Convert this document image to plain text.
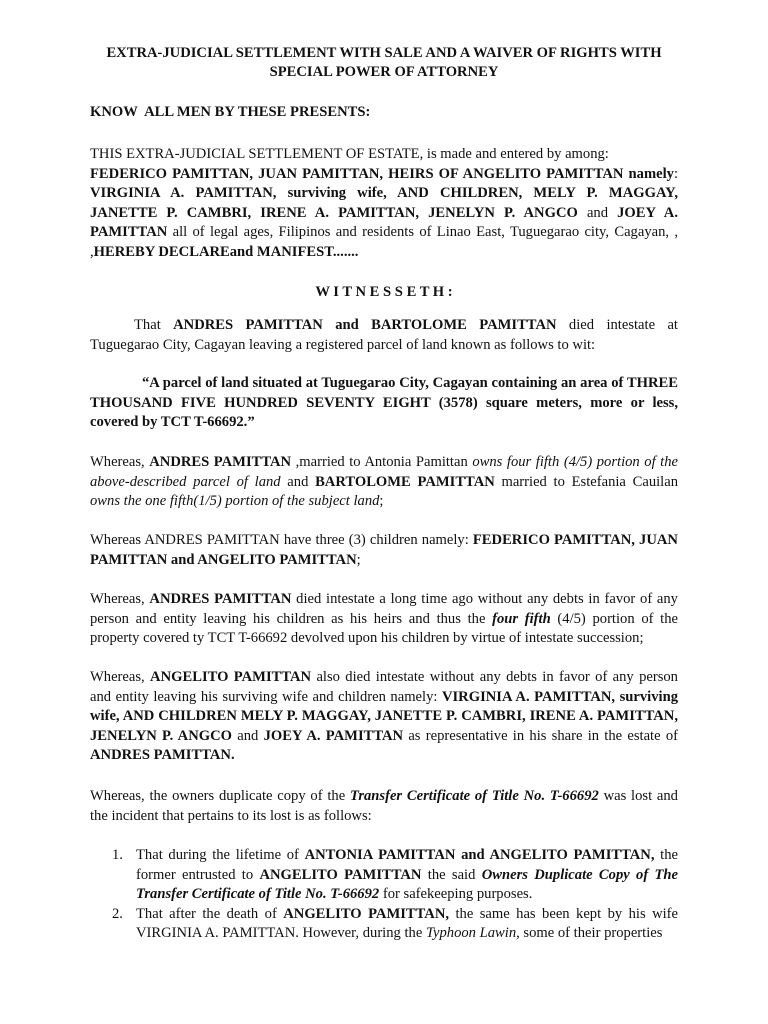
EXTRA-JUDICIAL SETTLEMENT WITH SALE AND A WAIVER OF RIGHTS WITH
SPECIAL POWER OF ATTORNEY
KNOW  ALL MEN BY THESE PRESENTS:
THIS EXTRA-JUDICIAL SETTLEMENT OF ESTATE, is made and entered by among:
FEDERICO PAMITTAN, JUAN PAMITTAN, HEIRS OF ANGELITO PAMITTAN namely: VIRGINIA A. PAMITTAN, surviving wife, AND CHILDREN, MELY P. MAGGAY, JANETTE P. CAMBRI, IRENE A. PAMITTAN, JENELYN P. ANGCO and JOEY A. PAMITTAN all of legal ages, Filipinos and residents of Linao East, Tuguegarao city, Cagayan, , ,HEREBY DECLAREand MANIFEST.......
W I T N E S S E T H :
That ANDRES PAMITTAN and BARTOLOME PAMITTAN died intestate at Tuguegarao City, Cagayan leaving a registered parcel of land known as follows to wit:
“A parcel of land situated at Tuguegarao City, Cagayan containing an area of THREE THOUSAND FIVE HUNDRED SEVENTY EIGHT (3578) square meters, more or less, covered by TCT T-66692.”
Whereas, ANDRES PAMITTAN ,married to Antonia Pamittan owns four fifth (4/5) portion of the above-described parcel of land and BARTOLOME PAMITTAN married to Estefania Cauilan owns the one fifth(1/5) portion of the subject land;
Whereas ANDRES PAMITTAN have three (3) children namely: FEDERICO PAMITTAN, JUAN PAMITTAN and ANGELITO PAMITTAN;
Whereas, ANDRES PAMITTAN died intestate a long time ago without any debts in favor of any person and entity leaving his children as his heirs and thus the four fifth (4/5) portion of the property covered ty TCT T-66692 devolved upon his children by virtue of intestate succession;
Whereas, ANGELITO PAMITTAN also died intestate without any debts in favor of any person and entity leaving his surviving wife and children namely: VIRGINIA A. PAMITTAN, surviving wife, AND CHILDREN MELY P. MAGGAY, JANETTE P. CAMBRI, IRENE A. PAMITTAN, JENELYN P. ANGCO and JOEY A. PAMITTAN as representative in his share in the estate of ANDRES PAMITTAN.
Whereas, the owners duplicate copy of the Transfer Certificate of Title No. T-66692 was lost and the incident that pertains to its lost is as follows:
1. That during the lifetime of ANTONIA PAMITTAN and ANGELITO PAMITTAN, the former entrusted to ANGELITO PAMITTAN the said Owners Duplicate Copy of The Transfer Certificate of Title No. T-66692 for safekeeping purposes.
2. That after the death of ANGELITO PAMITTAN, the same has been kept by his wife VIRGINIA A. PAMITTAN. However, during the Typhoon Lawin, some of their properties
